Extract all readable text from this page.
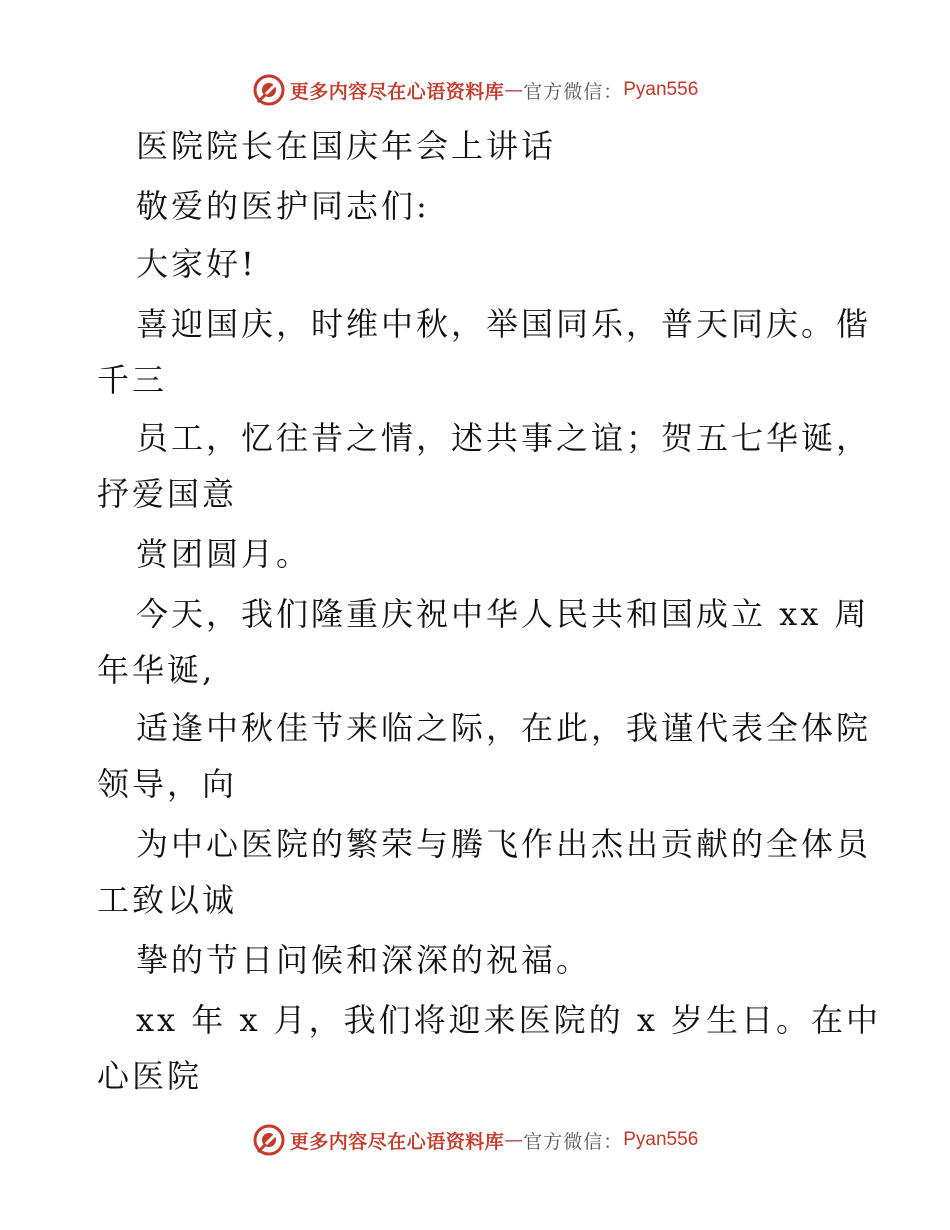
更多内容尽在心语资料库 — 官方微信： Pyan556
医院院长在国庆年会上讲话
敬爱的医护同志们:
大家好!
喜迎国庆，时维中秋，举国同乐，普天同庆。偕
千三
员工，忆往昔之情，述共事之谊；贺五七华诞，
抒爱国意
赏团圆月。
今天，我们隆重庆祝中华人民共和国成立 xx 周
年华诞,
适逢中秋佳节来临之际，在此，我谨代表全体院
领导，向
为中心医院的繁荣与腾飞作出杰出贡献的全体员
工致以诚
挚的节日问候和深深的祝福。
xx 年 x 月，我们将迎来医院的 x 岁生日。在中
心医院
更多内容尽在心语资料库 — 官方微信： Pyan556
